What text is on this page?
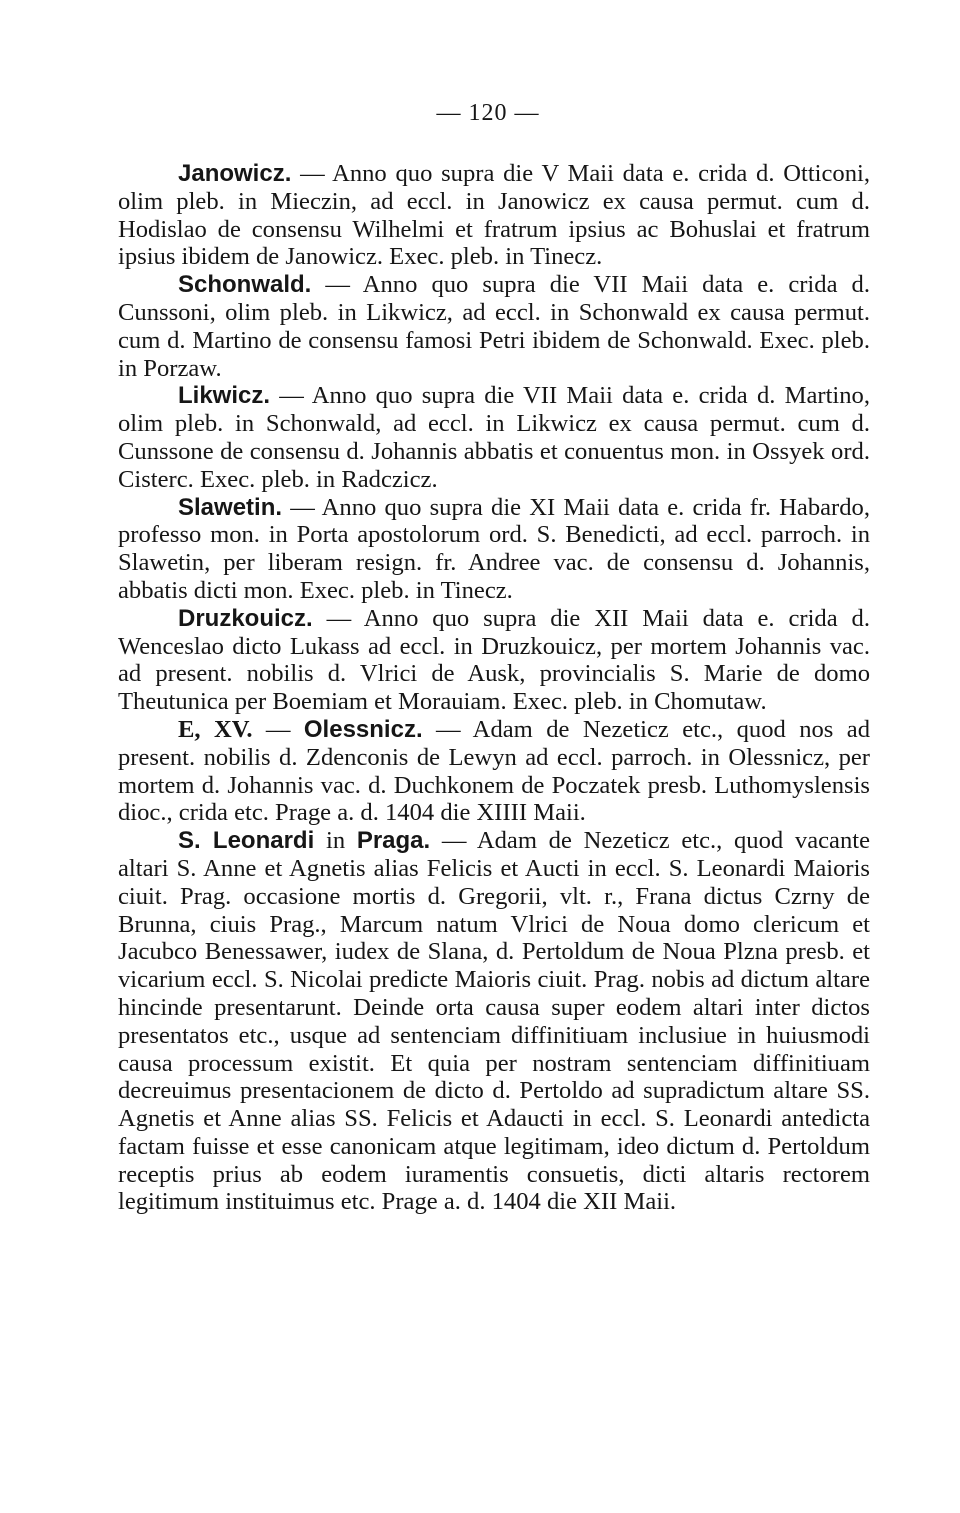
— 120 —

Janowicz. — Anno quo supra die V Maii data e. crida d. Otticoni, olim pleb. in Mieczin, ad eccl. in Janowicz ex causa permut. cum d. Hodislao de consensu Wilhelmi et fratrum ipsius ac Bohuslai et fratrum ipsius ibidem de Janowicz. Exec. pleb. in Tinecz.

Schonwald. — Anno quo supra die VII Maii data e. crida d. Cunssoni, olim pleb. in Likwicz, ad eccl. in Schonwald ex causa permut. cum d. Martino de consensu famosi Petri ibidem de Schonwald. Exec. pleb. in Porzaw.

Likwicz. — Anno quo supra die VII Maii data e. crida d. Martino, olim pleb. in Schonwald, ad eccl. in Likwicz ex causa permut. cum d. Cunssone de consensu d. Johannis abbatis et conuentus mon. in Ossyek ord. Cisterc. Exec. pleb. in Radczicz.

Slawetin. — Anno quo supra die XI Maii data e. crida fr. Habardo, professo mon. in Porta apostolorum ord. S. Benedicti, ad eccl. parroch. in Slawetin, per liberam resign. fr. Andree vac. de consensu d. Johannis, abbatis dicti mon. Exec. pleb. in Tinecz.

Druzkouicz. — Anno quo supra die XII Maii data e. crida d. Wenceslao dicto Lukass ad eccl. in Druzkouicz, per mortem Johannis vac. ad present. nobilis d. Vlrici de Ausk, provincialis S. Marie de domo Theutunica per Boemiam et Morauiam. Exec. pleb. in Chomutaw.

E, XV. — Olessnicz. — Adam de Nezeticz etc., quod nos ad present. nobilis d. Zdenconis de Lewyn ad eccl. parroch. in Olessnicz, per mortem d. Johannis vac. d. Duchkonem de Poczatek presb. Luthomyslensis dioc., crida etc. Prage a. d. 1404 die XIIII Maii.

S. Leonardi in Praga. — Adam de Nezeticz etc., quod vacante altari S. Anne et Agnetis alias Felicis et Aucti in eccl. S. Leonardi Maioris ciuit. Prag. occasione mortis d. Gregorii, vlt. r., Frana dictus Czrny de Brunna, ciuis Prag., Marcum natum Vlrici de Noua domo clericum et Jacubco Benessawer, iudex de Slana, d. Pertoldum de Noua Plzna presb. et vicarium eccl. S. Nicolai predicte Maioris ciuit. Prag. nobis ad dictum altare hincinde presentarunt. Deinde orta causa super eodem altari inter dictos presentatos etc., usque ad sentenciam diffinitiuam inclusiue in huiusmodi causa processum existit. Et quia per nostram sentenciam diffinitiuam decreuimus presentacionem de dicto d. Pertoldo ad supradictum altare SS. Agnetis et Anne alias SS. Felicis et Adaucti in eccl. S. Leonardi antedicta factam fuisse et esse canonicam atque legitimam, ideo dictum d. Pertoldum receptis prius ab eodem iuramentis consuetis, dicti altaris rectorem legitimum instituimus etc. Prage a. d. 1404 die XII Maii.
